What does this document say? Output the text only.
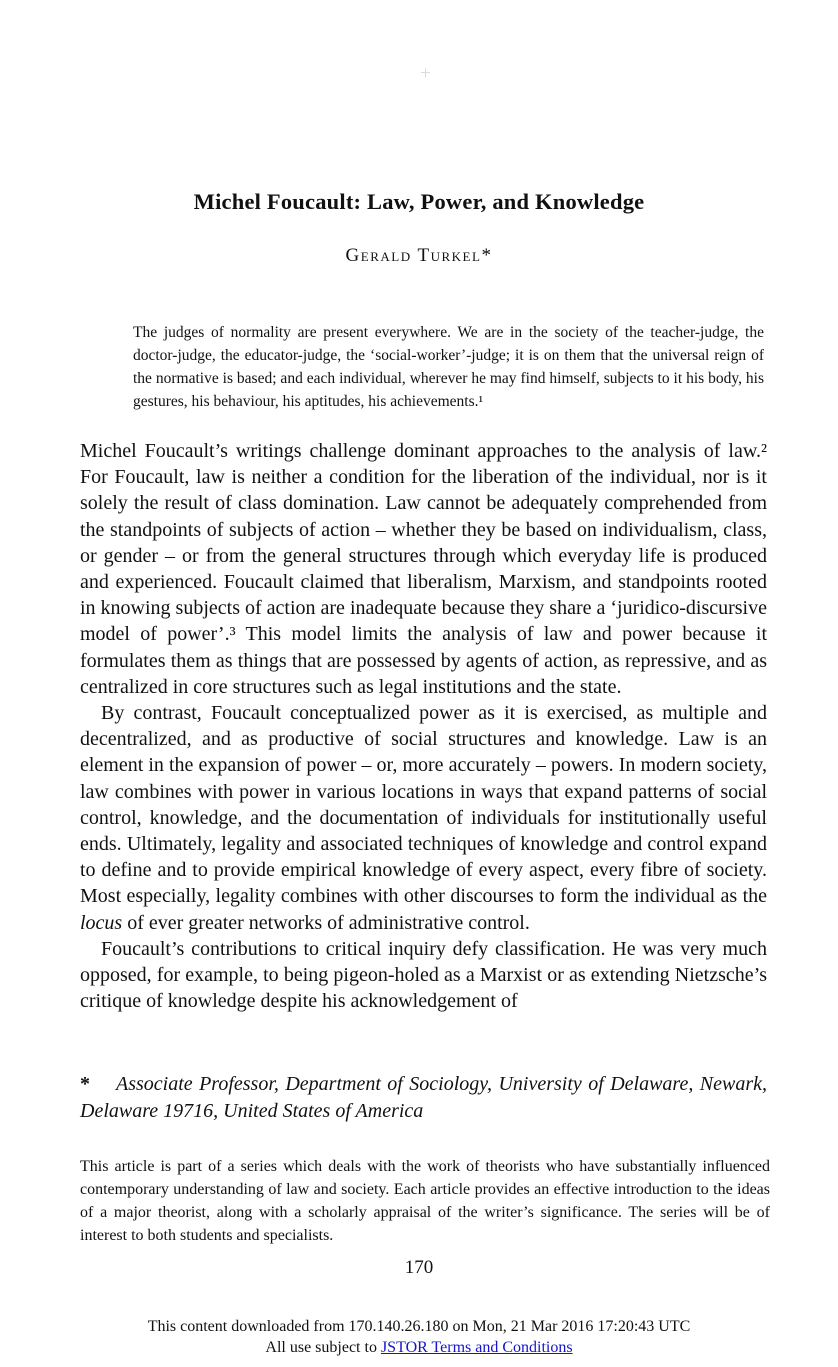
Michel Foucault: Law, Power, and Knowledge
Gerald Turkel*
The judges of normality are present everywhere. We are in the society of the teacher-judge, the doctor-judge, the educator-judge, the ‘social-worker’-judge; it is on them that the universal reign of the normative is based; and each individual, wherever he may find himself, subjects to it his body, his gestures, his behaviour, his aptitudes, his achievements.¹

Michel Foucault’s writings challenge dominant approaches to the analysis of law.² For Foucault, law is neither a condition for the liberation of the individual, nor is it solely the result of class domination. Law cannot be adequately comprehended from the standpoints of subjects of action – whether they be based on individualism, class, or gender – or from the general structures through which everyday life is produced and experienced. Foucault claimed that liberalism, Marxism, and standpoints rooted in knowing subjects of action are inadequate because they share a ‘juridico-discursive model of power’.³ This model limits the analysis of law and power because it formulates them as things that are possessed by agents of action, as repressive, and as centralized in core structures such as legal institutions and the state.

By contrast, Foucault conceptualized power as it is exercised, as multiple and decentralized, and as productive of social structures and knowledge. Law is an element in the expansion of power – or, more accurately – powers. In modern society, law combines with power in various locations in ways that expand patterns of social control, knowledge, and the documentation of individuals for institutionally useful ends. Ultimately, legality and associated techniques of knowledge and control expand to define and to provide empirical knowledge of every aspect, every fibre of society. Most especially, legality combines with other discourses to form the individual as the locus of ever greater networks of administrative control.

Foucault’s contributions to critical inquiry defy classification. He was very much opposed, for example, to being pigeon-holed as a Marxist or as extending Nietzsche’s critique of knowledge despite his acknowledgement of

* Associate Professor, Department of Sociology, University of Delaware, Newark, Delaware 19716, United States of America
This article is part of a series which deals with the work of theorists who have substantially influenced contemporary understanding of law and society. Each article provides an effective introduction to the ideas of a major theorist, along with a scholarly appraisal of the writer’s significance. The series will be of interest to both students and specialists.
170
This content downloaded from 170.140.26.180 on Mon, 21 Mar 2016 17:20:43 UTC
All use subject to JSTOR Terms and Conditions
